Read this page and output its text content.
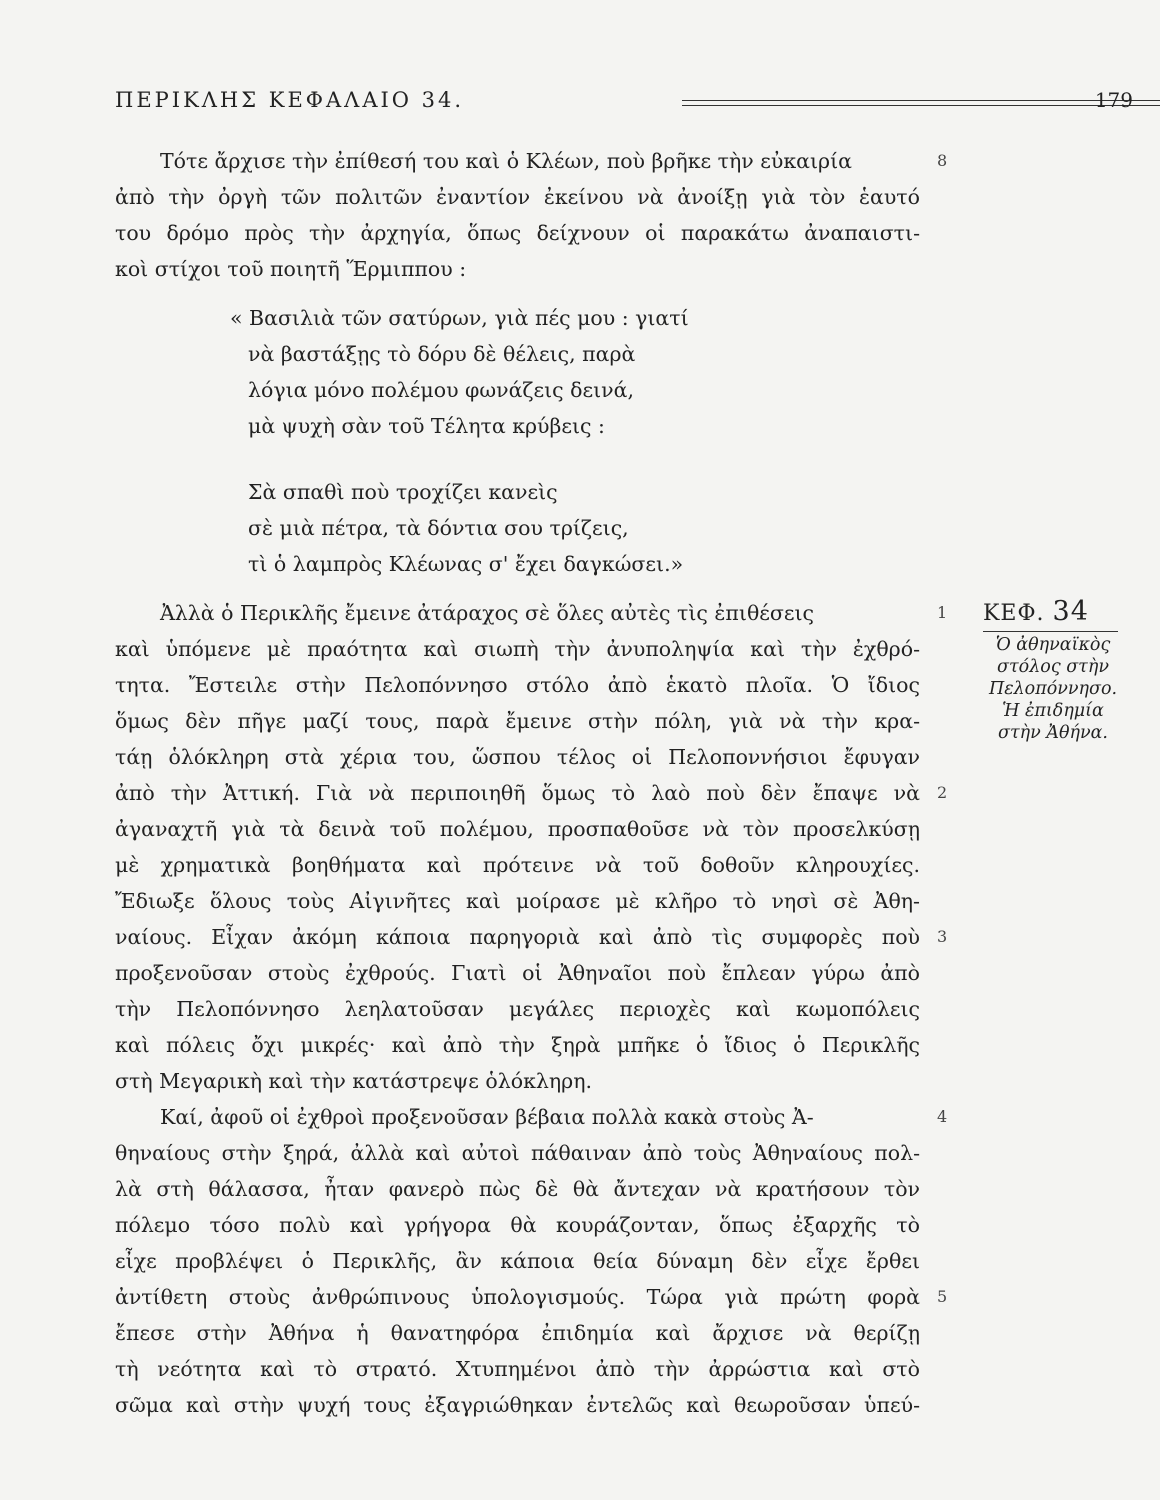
ΠΕΡΙΚΛΗΣ ΚΕΦΑΛΑΙΟ 34.	179
Τότε ἄρχισε τὴν ἐπίθεσή του καὶ ὁ Κλέων, ποὺ βρῆκε τὴν εὐκαιρία
ἀπὸ τὴν ὀργὴ τῶν πολιτῶν ἐναντίον ἐκείνου νὰ ἀνοίξῃ γιὰ τὸν ἑαυτό
του δρόμο πρὸς τὴν ἀρχηγία, ὅπως δείχνουν οἱ παρακάτω ἀναπαιστι-
κοὶ στίχοι τοῦ ποιητῆ Ἕρμιππου :
« Βασιλιὰ τῶν σατύρων, γιὰ πές μου : γιατί
νὰ βαστάξῃς τὸ δόρυ δὲ θέλεις, παρὰ
λόγια μόνο πολέμου φωνάζεις δεινά,
μὰ ψυχὴ σὰν τοῦ Τέλητα κρύβεις :
Σὰ σπαθὶ ποὺ τροχίζει κανεὶς
σὲ μιὰ πέτρα, τὰ δόντια σου τρίζεις,
τὶ ὁ λαμπρὸς Κλέωνας σ' ἔχει δαγκώσει.»
Ἀλλὰ ὁ Περικλῆς ἔμεινε ἀτάραχος σὲ ὅλες αὐτὲς τὶς ἐπιθέσεις
καὶ ὑπόμενε μὲ πραότητα καὶ σιωπὴ τὴν ἀνυποληψία καὶ τὴν ἐχθρό-
τητα. Ἔστειλε στὴν Πελοπόννησο στόλο ἀπὸ ἑκατὸ πλοῖα. Ὁ ἴδιος
ὅμως δὲν πῆγε μαζί τους, παρὰ ἔμεινε στὴν πόλη, γιὰ νὰ τὴν κρα-
τάῃ ὁλόκληρη στὰ χέρια του, ὥσπου τέλος οἱ Πελοποννήσιοι ἔφυγαν
ἀπὸ τὴν Ἀττική. Γιὰ νὰ περιποιηθῆ ὅμως τὸ λαὸ ποὺ δὲν ἔπαψε νὰ
ἀγαναχτῆ γιὰ τὰ δεινὰ τοῦ πολέμου, προσπαθοῦσε νὰ τὸν προσελκύσῃ
μὲ χρηματικὰ βοηθήματα καὶ πρότεινε νὰ τοῦ δοθοῦν κληρουχίες.
Ἔδιωξε ὅλους τοὺς Αἰγινῆτες καὶ μοίρασε μὲ κλῆρο τὸ νησὶ σὲ Ἀθη-
ναίους. Εἶχαν ἀκόμη κάποια παρηγοριὰ καὶ ἀπὸ τὶς συμφορὲς ποὺ
προξενοῦσαν στοὺς ἐχθρούς. Γιατὶ οἱ Ἀθηναῖοι ποὺ ἔπλεαν γύρω ἀπὸ
τὴν Πελοπόννησο λεηλατοῦσαν μεγάλες περιοχὲς καὶ κωμοπόλεις
καὶ πόλεις ὄχι μικρές· καὶ ἀπὸ τὴν ξηρὰ μπῆκε ὁ ἴδιος ὁ Περικλῆς
στὴ Μεγαρικὴ καὶ τὴν κατάστρεψε ὁλόκληρη.
Καί, ἀφοῦ οἱ ἐχθροὶ προξενοῦσαν βέβαια πολλὰ κακὰ στοὺς Ἀ-
θηναίους στὴν ξηρά, ἀλλὰ καὶ αὐτοὶ πάθαιναν ἀπὸ τοὺς Ἀθηναίους πολ-
λὰ στὴ θάλασσα, ἦταν φανερὸ πὼς δὲ θὰ ἄντεχαν νὰ κρατήσουν τὸν
πόλεμο τόσο πολὺ καὶ γρήγορα θὰ κουράζονταν, ὅπως ἐξαρχῆς τὸ
εἶχε προβλέψει ὁ Περικλῆς, ἂν κάποια θεία δύναμη δὲν εἶχε ἔρθει
ἀντίθετη στοὺς ἀνθρώπινους ὑπολογισμούς. Τώρα γιὰ πρώτη φορὰ
ἔπεσε στὴν Ἀθήνα ἡ θανατηφόρα ἐπιδημία καὶ ἄρχισε νὰ θερίζῃ
τὴ νεότητα καὶ τὸ στρατό. Χτυπημένοι ἀπὸ τὴν ἀρρώστια καὶ στὸ
σῶμα καὶ στὴν ψυχή τους ἐξαγριώθηκαν ἐντελῶς καὶ θεωροῦσαν ὑπεύ-
8
1
2
3
4
5
ΚΕΦ. 34
Ὁ ἀθηναϊκὸς
στόλος στὴν
Πελοπόννησο.
Ἡ ἐπιδημία
στὴν Ἀθήνα.
